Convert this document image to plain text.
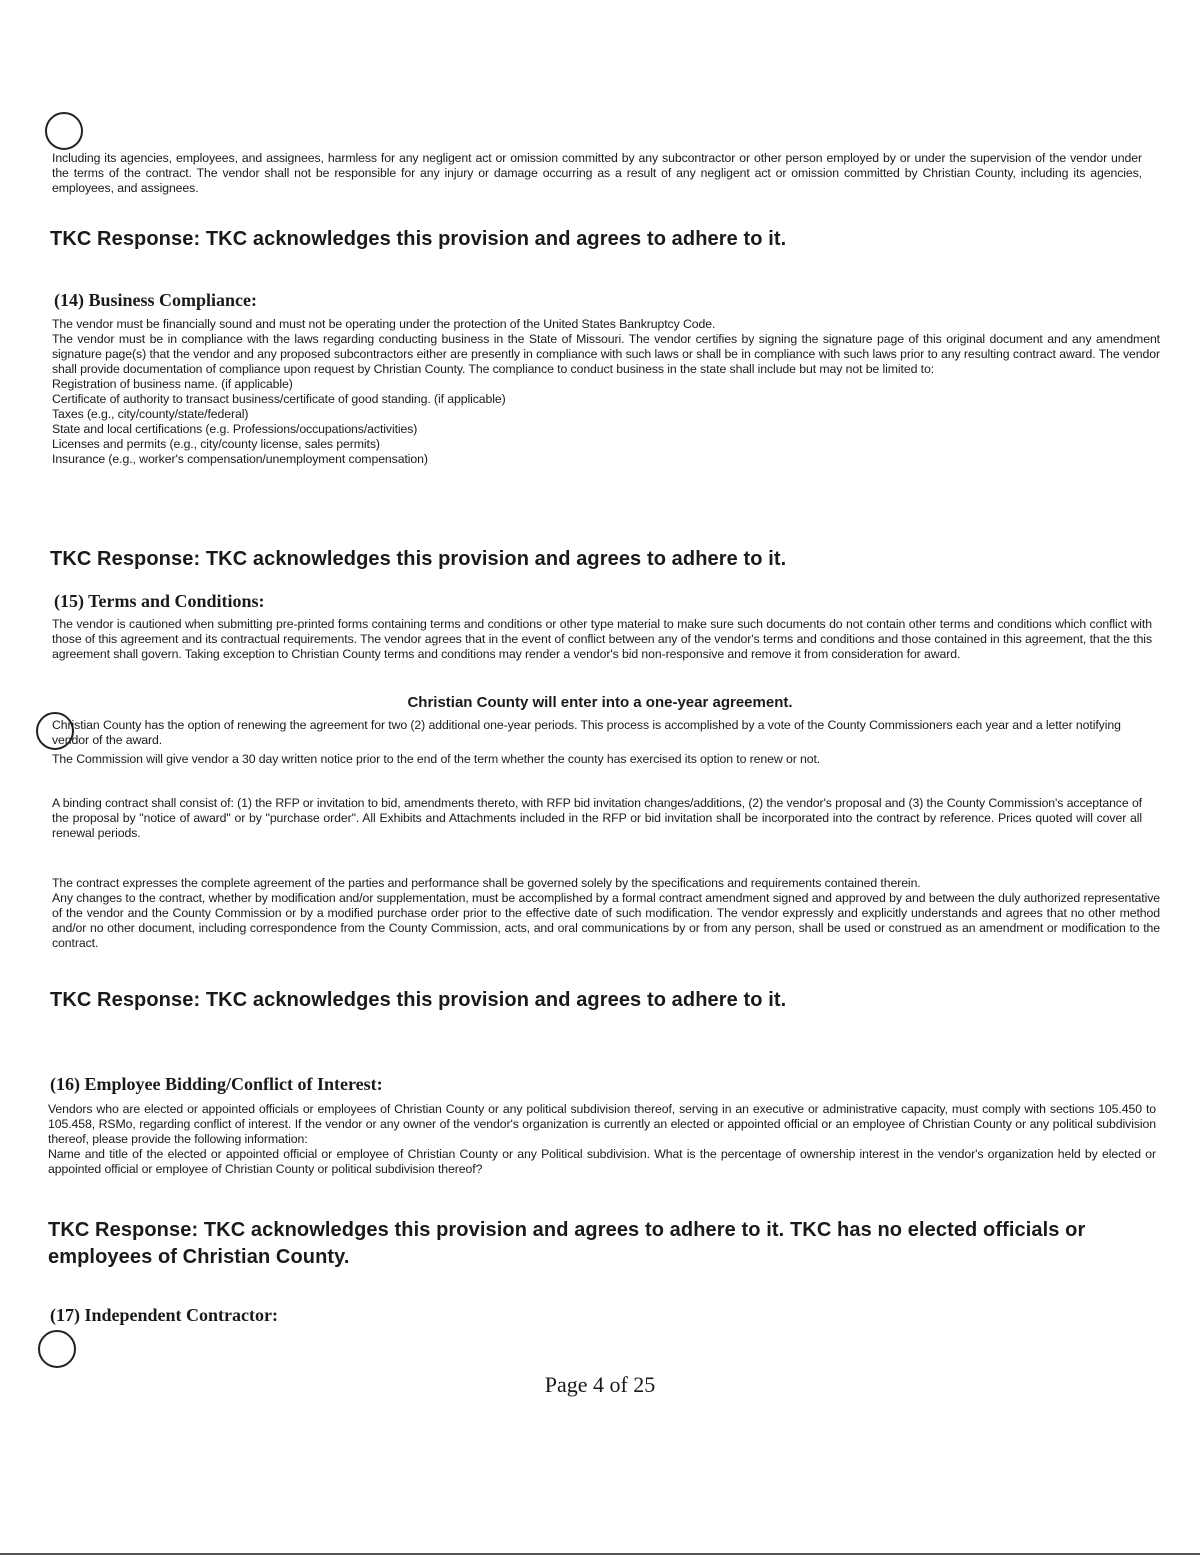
Including its agencies, employees, and assignees, harmless for any negligent act or omission committed by any subcontractor or other person employed by or under the supervision of the vendor under the terms of the contract. The vendor shall not be responsible for any injury or damage occurring as a result of any negligent act or omission committed by Christian County, including its agencies, employees, and assignees.

TKC Response: TKC acknowledges this provision and agrees to adhere to it.
(14) Business Compliance:

The vendor must be financially sound and must not be operating under the protection of the United States Bankruptcy Code.

The vendor must be in compliance with the laws regarding conducting business in the State of Missouri. The vendor certifies by signing the signature page of this original document and any amendment signature page(s) that the vendor and any proposed subcontractors either are presently in compliance with such laws or shall be in compliance with such laws prior to any resulting contract award. The vendor shall provide documentation of compliance upon request by Christian County. The compliance to conduct business in the state shall include but may not be limited to:

Registration of business name. (if applicable)

Certificate of authority to transact business/certificate of good standing. (if applicable)

Taxes (e.g., city/county/state/federal)

State and local certifications (e.g. Professions/occupations/activities)

Licenses and permits (e.g., city/county license, sales permits)

Insurance (e.g., worker's compensation/unemployment compensation)

TKC Response: TKC acknowledges this provision and agrees to adhere to it.
(15) Terms and Conditions:

The vendor is cautioned when submitting pre-printed forms containing terms and conditions or other type material to make sure such documents do not contain other terms and conditions which conflict with those of this agreement and its contractual requirements. The vendor agrees that in the event of conflict between any of the vendor's terms and conditions and those contained in this agreement, that the this agreement shall govern. Taking exception to Christian County terms and conditions may render a vendor's bid non-responsive and remove it from consideration for award.

Christian County will enter into a one-year agreement.

Christian County has the option of renewing the agreement for two (2) additional one-year periods. This process is accomplished by a vote of the County Commissioners each year and a letter notifying vendor of the award.

The Commission will give vendor a 30 day written notice prior to the end of the term whether the county has exercised its option to renew or not.

A binding contract shall consist of: (1) the RFP or invitation to bid, amendments thereto, with RFP bid invitation changes/additions, (2) the vendor's proposal and (3) the County Commission's acceptance of the proposal by "notice of award" or by "purchase order". All Exhibits and Attachments included in the RFP or bid invitation shall be incorporated into the contract by reference. Prices quoted will cover all renewal periods.

The contract expresses the complete agreement of the parties and performance shall be governed solely by the specifications and requirements contained therein.

Any changes to the contract, whether by modification and/or supplementation, must be accomplished by a formal contract amendment signed and approved by and between the duly authorized representative of the vendor and the County Commission or by a modified purchase order prior to the effective date of such modification. The vendor expressly and explicitly understands and agrees that no other method and/or no other document, including correspondence from the County Commission, acts, and oral communications by or from any person, shall be used or construed as an amendment or modification to the contract.

TKC Response: TKC acknowledges this provision and agrees to adhere to it.
(16) Employee Bidding/Conflict of Interest:

Vendors who are elected or appointed officials or employees of Christian County or any political subdivision thereof, serving in an executive or administrative capacity, must comply with sections 105.450 to 105.458, RSMo, regarding conflict of interest. If the vendor or any owner of the vendor's organization is currently an elected or appointed official or an employee of Christian County or any political subdivision thereof, please provide the following information:

Name and title of the elected or appointed official or employee of Christian County or any Political subdivision. What is the percentage of ownership interest in the vendor's organization held by elected or appointed official or employee of Christian County or political subdivision thereof?

TKC Response: TKC acknowledges this provision and agrees to adhere to it. TKC has no elected officials or employees of Christian County.
(17) Independent Contractor:
Page 4 of 25
